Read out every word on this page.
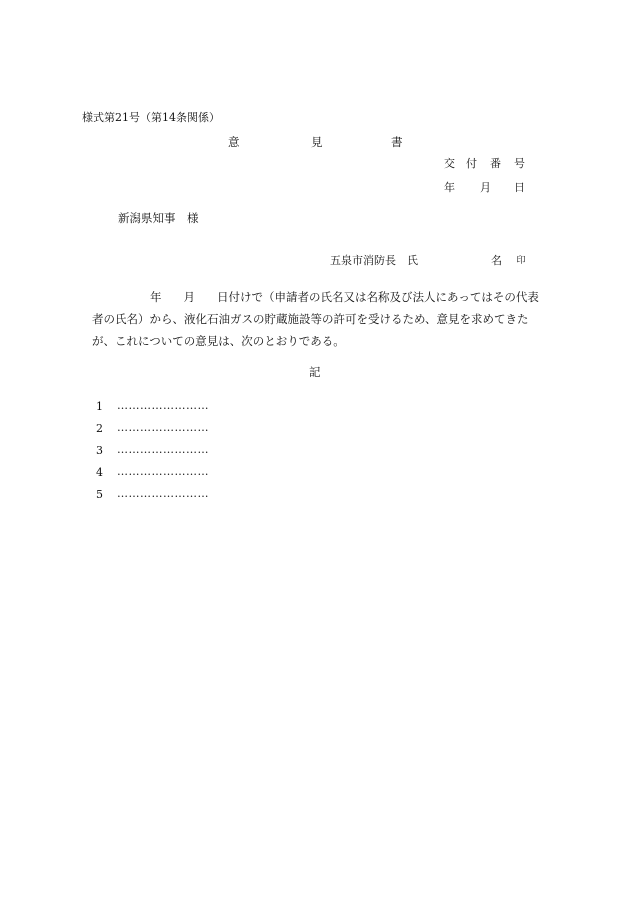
様式第21号（第14条関係）
意	見	書
交 付 番 号
年 月 日
新潟県知事　様
五泉市消防長　氏	名 印
年 月 日付けで（申請者の氏名又は名称及び法人にあってはその代表
者の氏名）から、液化石油ガスの貯蔵施設等の許可を受けるため、意見を求めてきた
が、これについての意見は、次のとおりである。
記
1 ……………………
2 ……………………
3 ……………………
4 ……………………
5 ……………………
